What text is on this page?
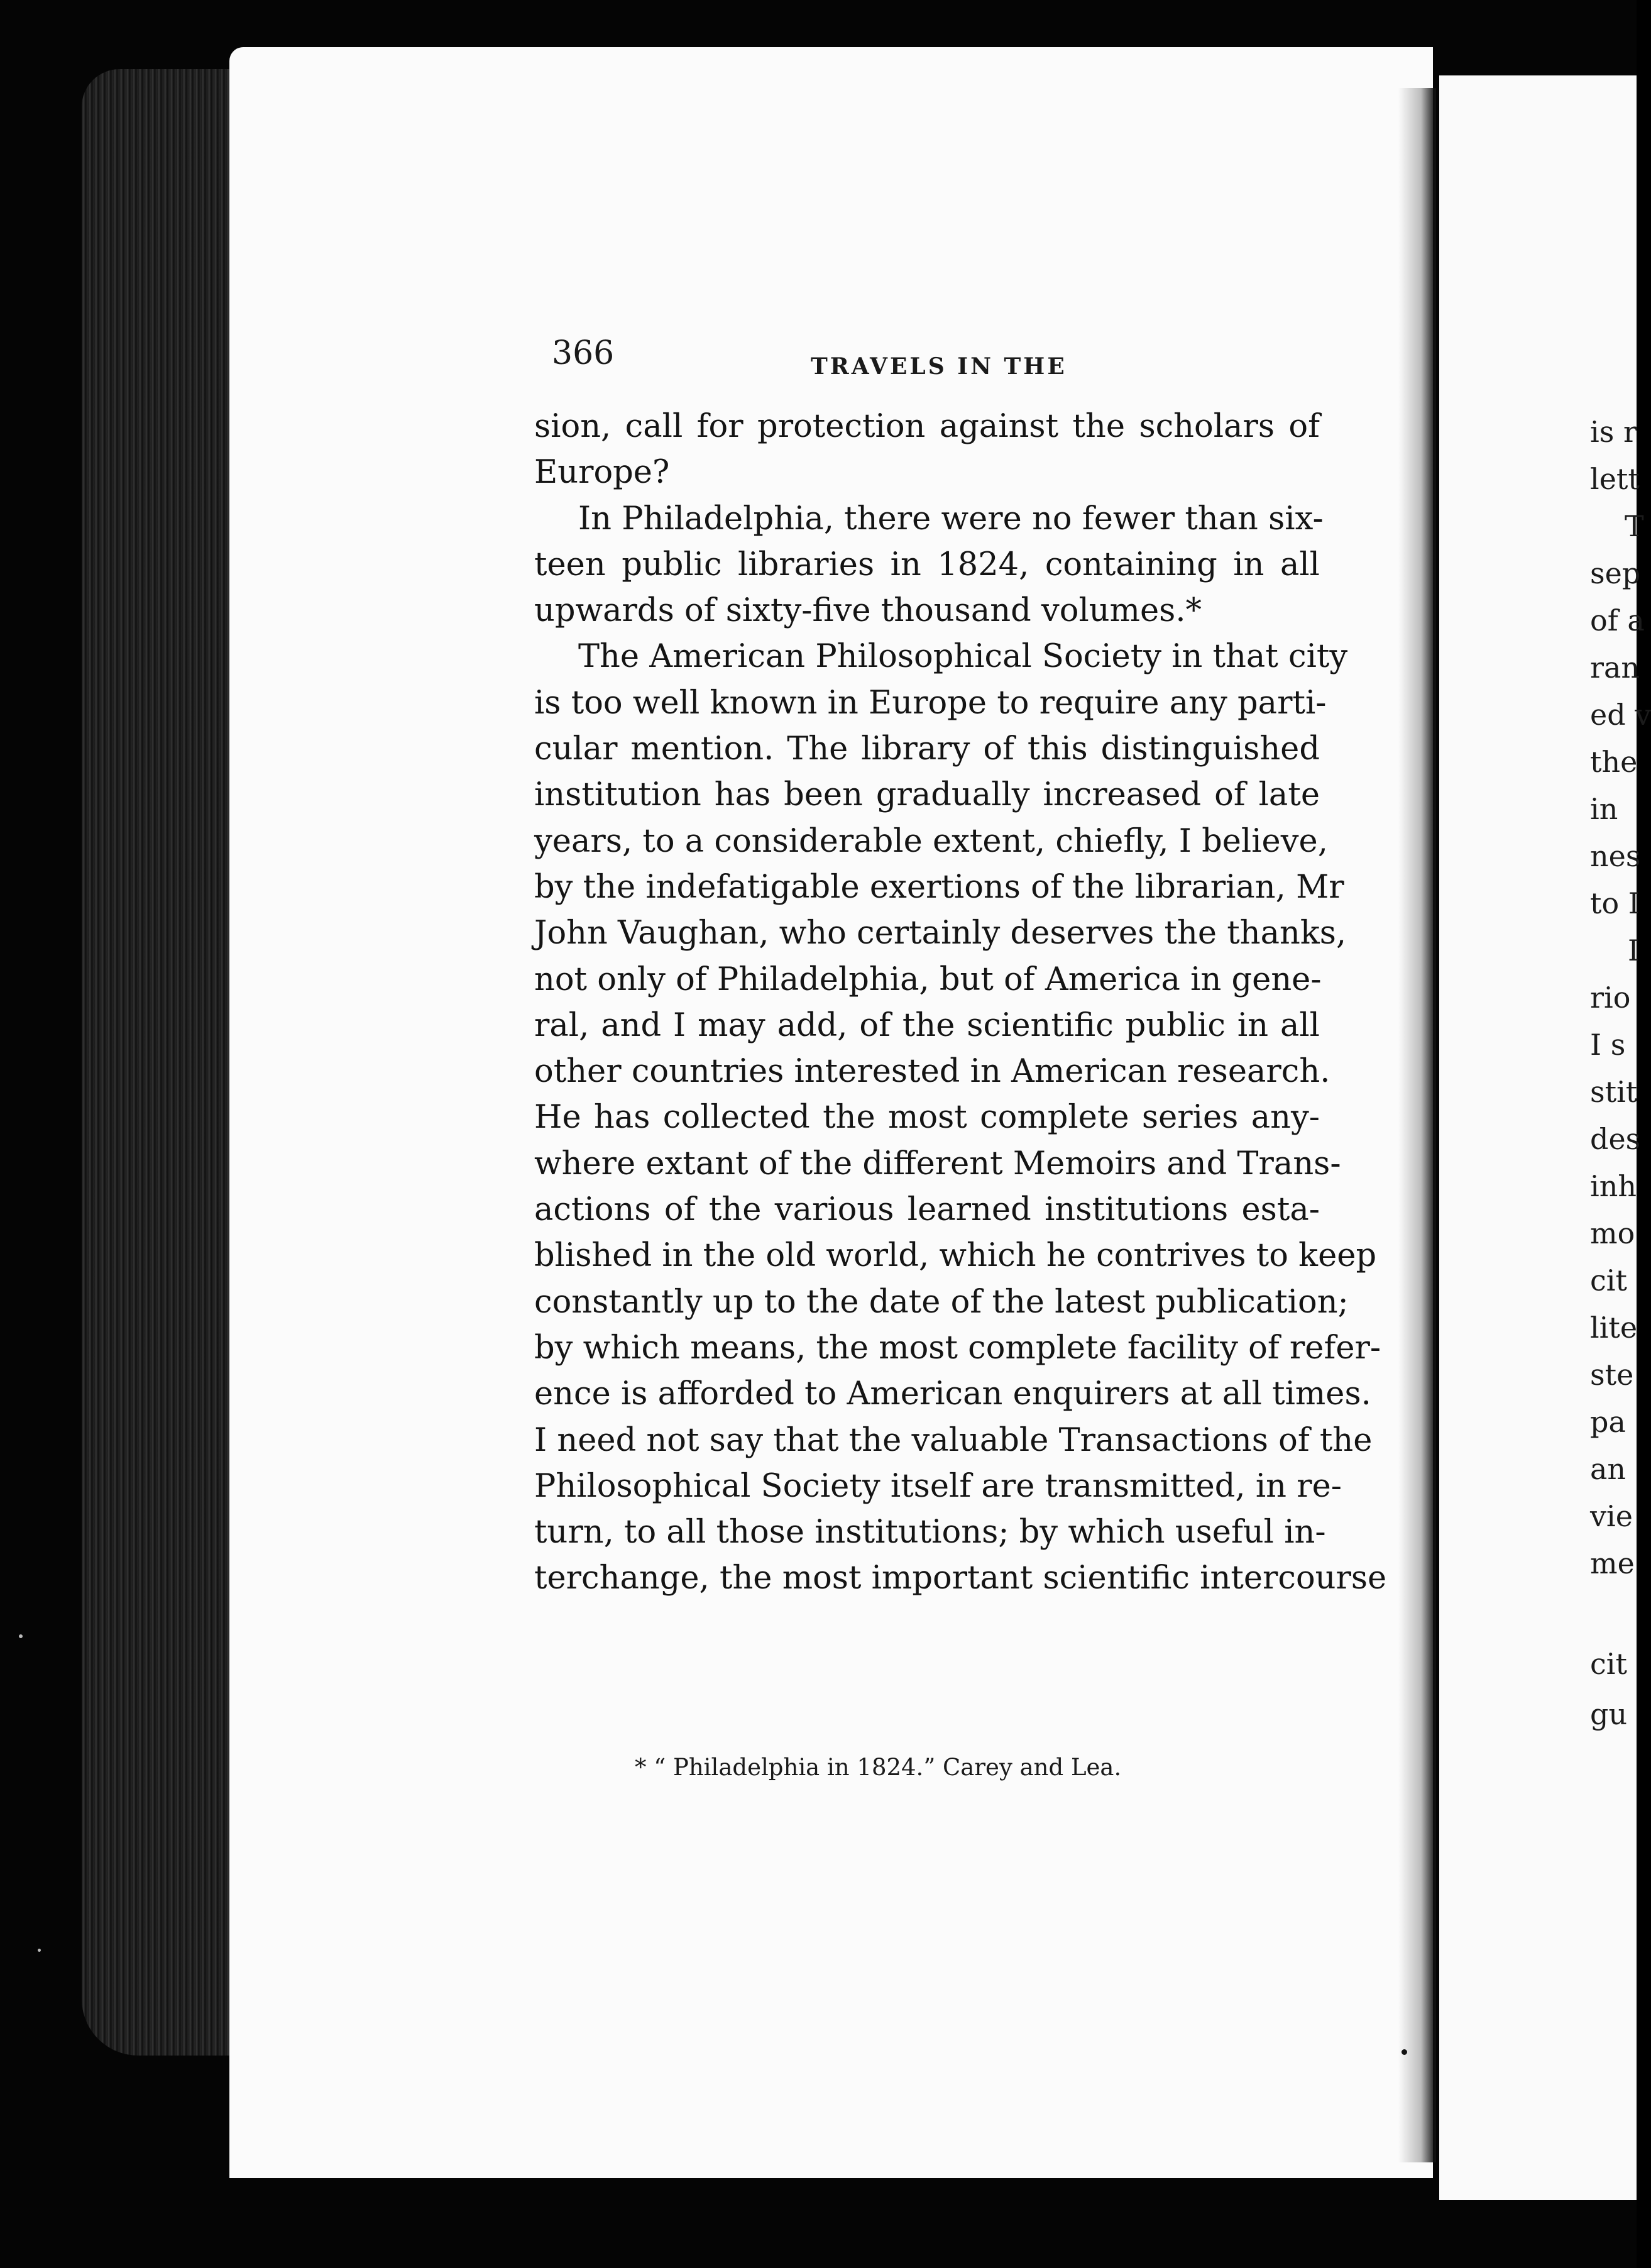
366	TRAVELS IN THE
sion, call for protection against the scholars of
Europe?
In Philadelphia, there were no fewer than six-
teen public libraries in 1824, containing in all
upwards of sixty-five thousand volumes.*
The American Philosophical Society in that city
is too well known in Europe to require any parti-
cular mention. The library of this distinguished
institution has been gradually increased of late
years, to a considerable extent, chiefly, I believe,
by the indefatigable exertions of the librarian, Mr
John Vaughan, who certainly deserves the thanks,
not only of Philadelphia, but of America in gene-
ral, and I may add, of the scientific public in all
other countries interested in American research.
He has collected the most complete series any-
where extant of the different Memoirs and Trans-
actions of the various learned institutions esta-
blished in the old world, which he contrives to keep
constantly up to the date of the latest publication;
by which means, the most complete facility of refer-
ence is afforded to American enquirers at all times.
I need not say that the valuable Transactions of the
Philosophical Society itself are transmitted, in re-
turn, to all those institutions; by which useful in-
terchange, the most important scientific intercourse
* “ Philadelphia in 1824.” Carey and Lea.
is r
lett
T
sep
of a
ran
ed v
the
in
nes
to I
I
rio
I s
stit
des
inh
mo
cit
lite
ste
pa
an
vie
me
cit
gu
